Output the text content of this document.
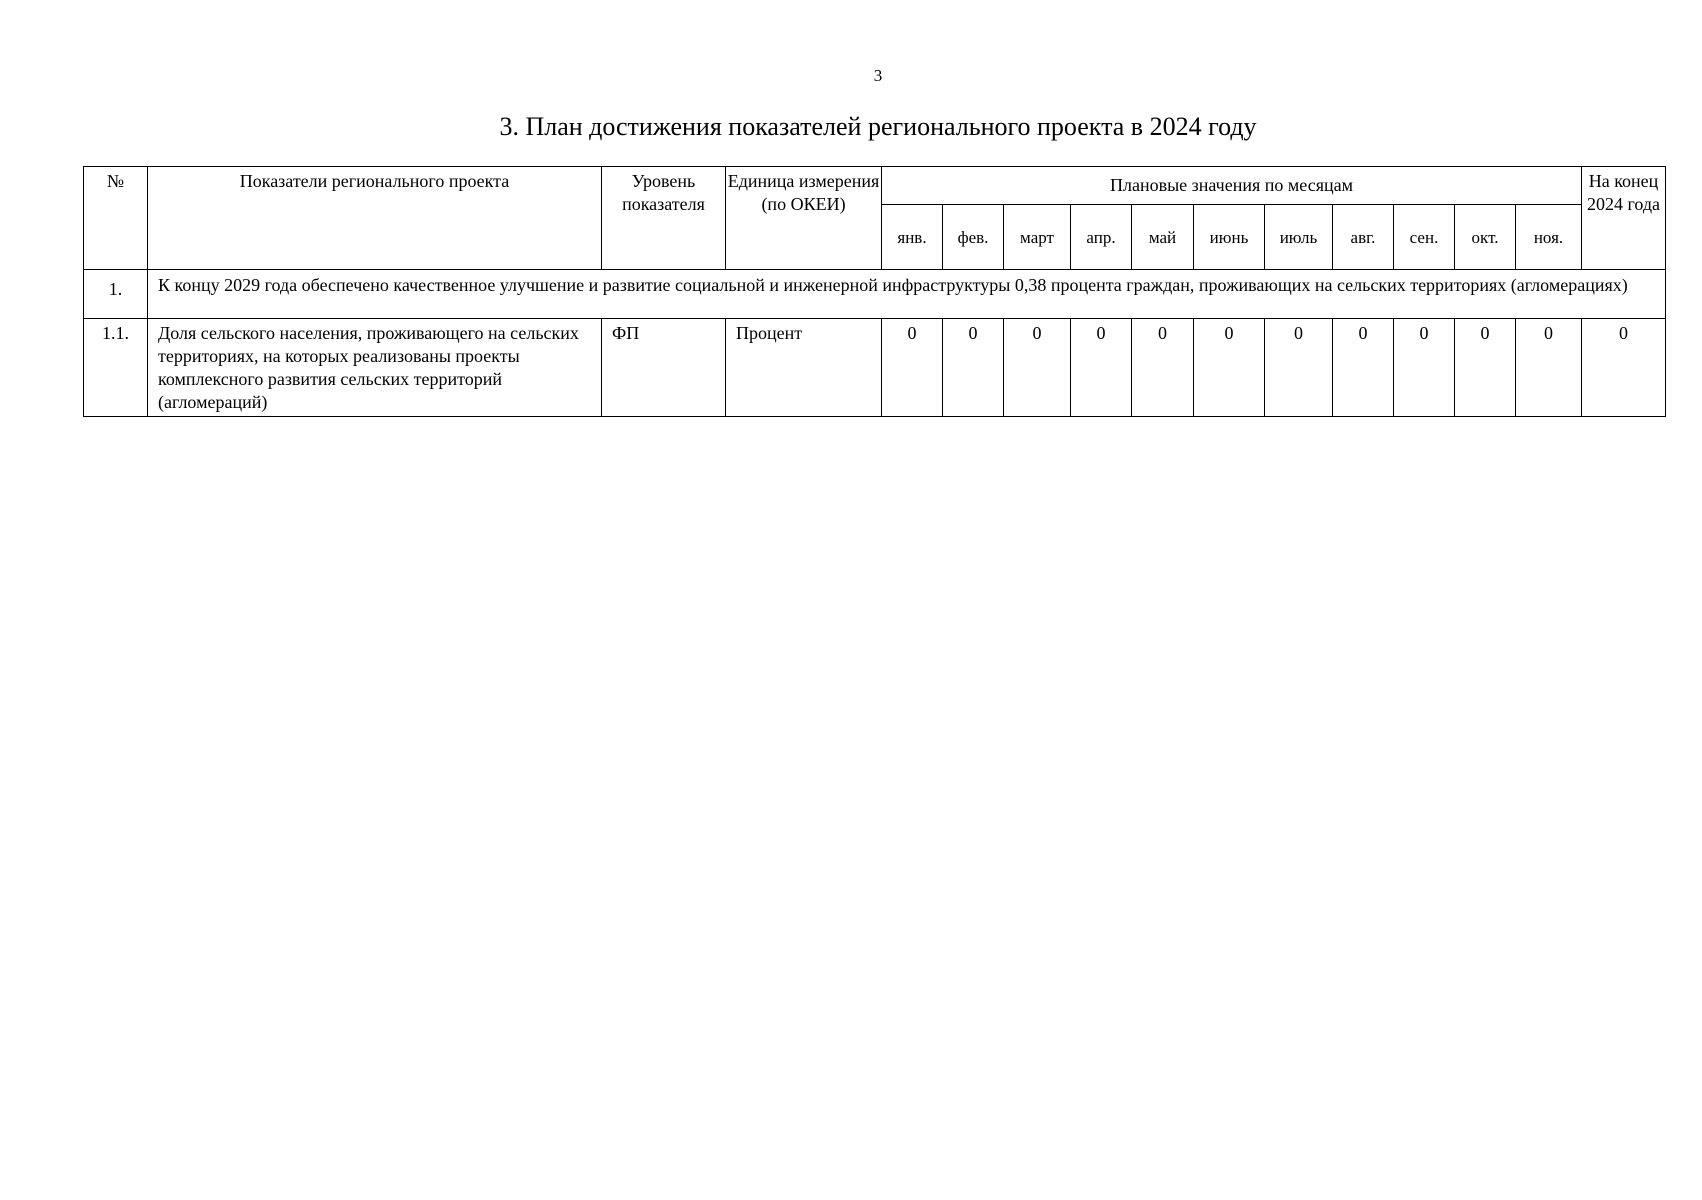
3
3. План достижения показателей регионального проекта в 2024 году
№	Показатели регионального проекта	Уровень показателя	Единица измерения (по ОКЕИ)	Плановые значения по месяцам											На конец 2024 года
				янв.	фев.	март	апр.	май	июнь	июль	авг.	сен.	окт.	ноя.	
1.	К концу 2029 года обеспечено качественное улучшение и развитие социальной и инженерной инфраструктуры 0,38 процента граждан, проживающих на сельских территориях (агломерациях)														
1.1.	Доля сельского населения, проживающего на сельских территориях, на которых реализованы проекты комплексного развития сельских территорий (агломераций)	ФП	Процент	0	0	0	0	0	0	0	0	0	0	0	0
